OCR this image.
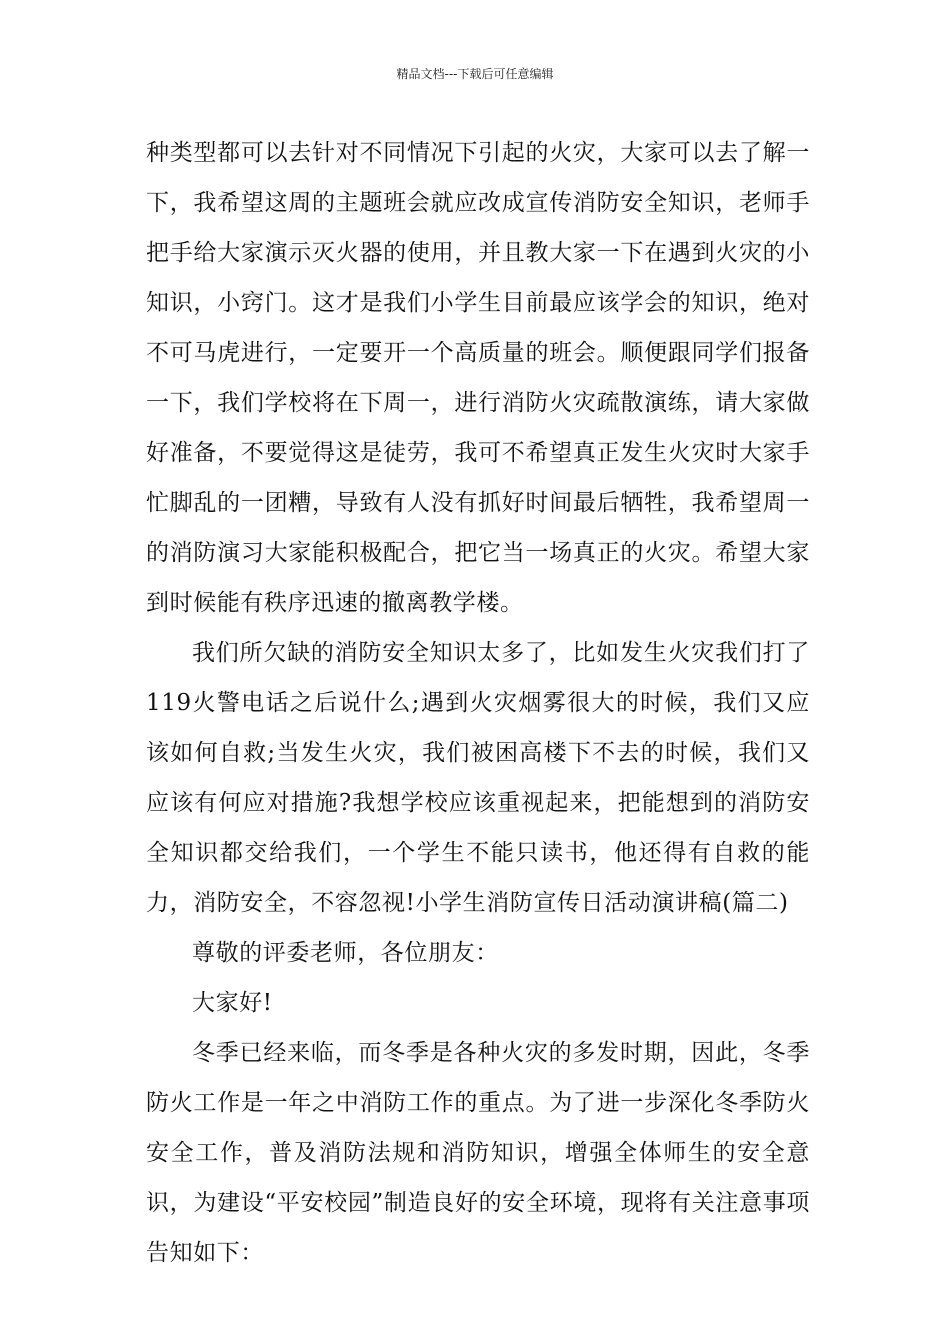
精品文档---下载后可任意编辑

种类型都可以去针对不同情况下引起的火灾，大家可以去了解一下，我希望这周的主题班会就应改成宣传消防安全知识，老师手把手给大家演示灭火器的使用，并且教大家一下在遇到火灾的小知识，小窍门。这才是我们小学生目前最应该学会的知识，绝对不可马虎进行，一定要开一个高质量的班会。顺便跟同学们报备一下，我们学校将在下周一，进行消防火灾疏散演练，请大家做好准备，不要觉得这是徒劳，我可不希望真正发生火灾时大家手忙脚乱的一团糟，导致有人没有抓好时间最后牺牲，我希望周一的消防演习大家能积极配合，把它当一场真正的火灾。希望大家到时候能有秩序迅速的撤离教学楼。

我们所欠缺的消防安全知识太多了，比如发生火灾我们打了119火警电话之后说什么;遇到火灾烟雾很大的时候，我们又应该如何自救;当发生火灾，我们被困高楼下不去的时候，我们又应该有何应对措施?我想学校应该重视起来，把能想到的消防安全知识都交给我们，一个学生不能只读书，他还得有自救的能力，消防安全，不容忽视!小学生消防宣传日活动演讲稿(篇二)

尊敬的评委老师，各位朋友：

大家好!

冬季已经来临，而冬季是各种火灾的多发时期，因此，冬季防火工作是一年之中消防工作的重点。为了进一步深化冬季防火安全工作，普及消防法规和消防知识，增强全体师生的安全意识，为建设“平安校园”制造良好的安全环境，现将有关注意事项告知如下：
